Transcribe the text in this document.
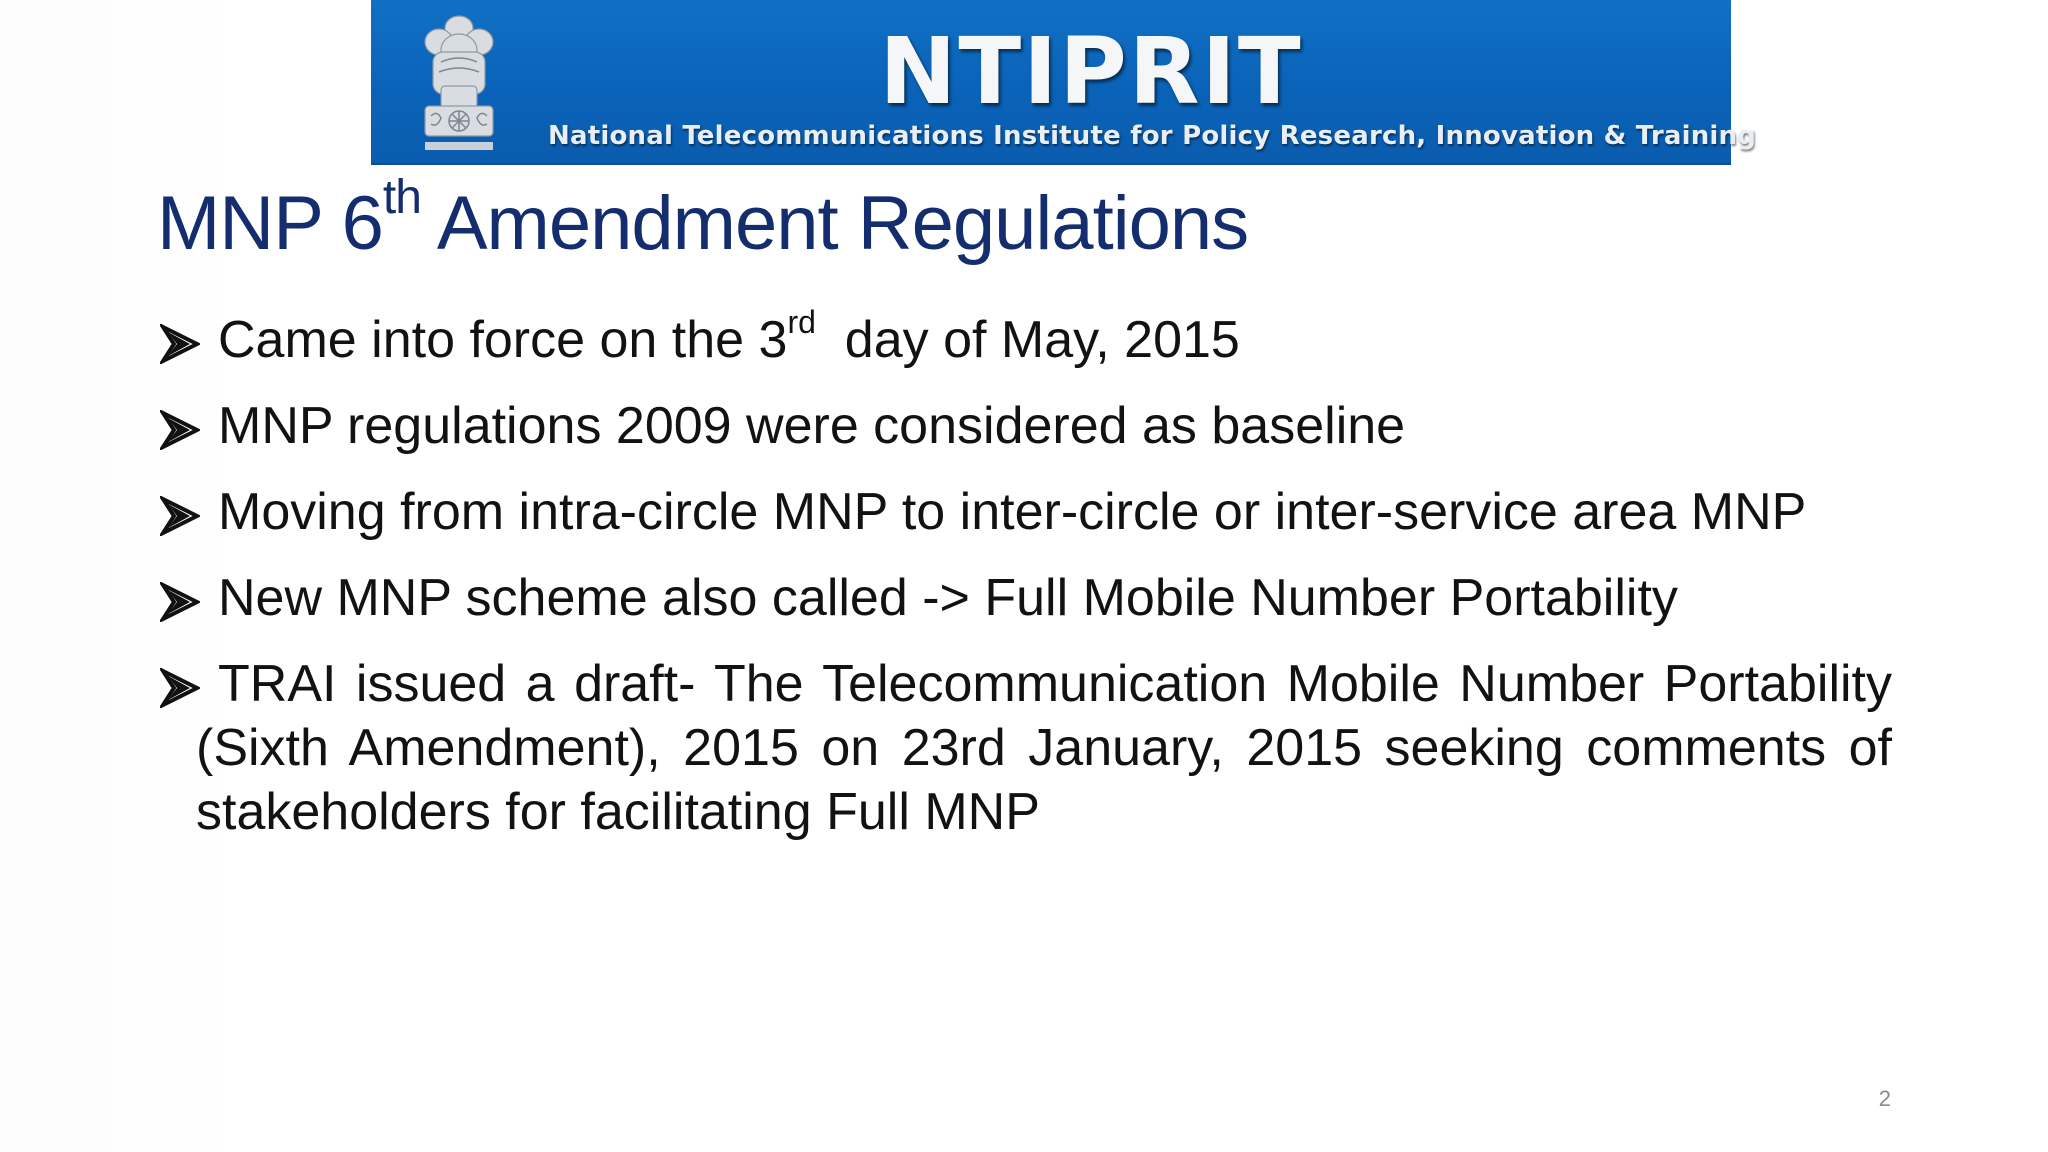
NTIPRIT
National Telecommunications Institute for Policy Research, Innovation & Training
MNP 6th Amendment Regulations
Came into force on the 3rd  day of May, 2015
MNP regulations 2009 were considered as baseline
Moving from intra-circle MNP to inter-circle or inter-service area MNP
New MNP scheme also called -> Full Mobile Number Portability
TRAI issued a draft- The Telecommunication Mobile Number Portability (Sixth Amendment), 2015 on 23rd January, 2015 seeking comments of stakeholders for facilitating Full MNP
2
